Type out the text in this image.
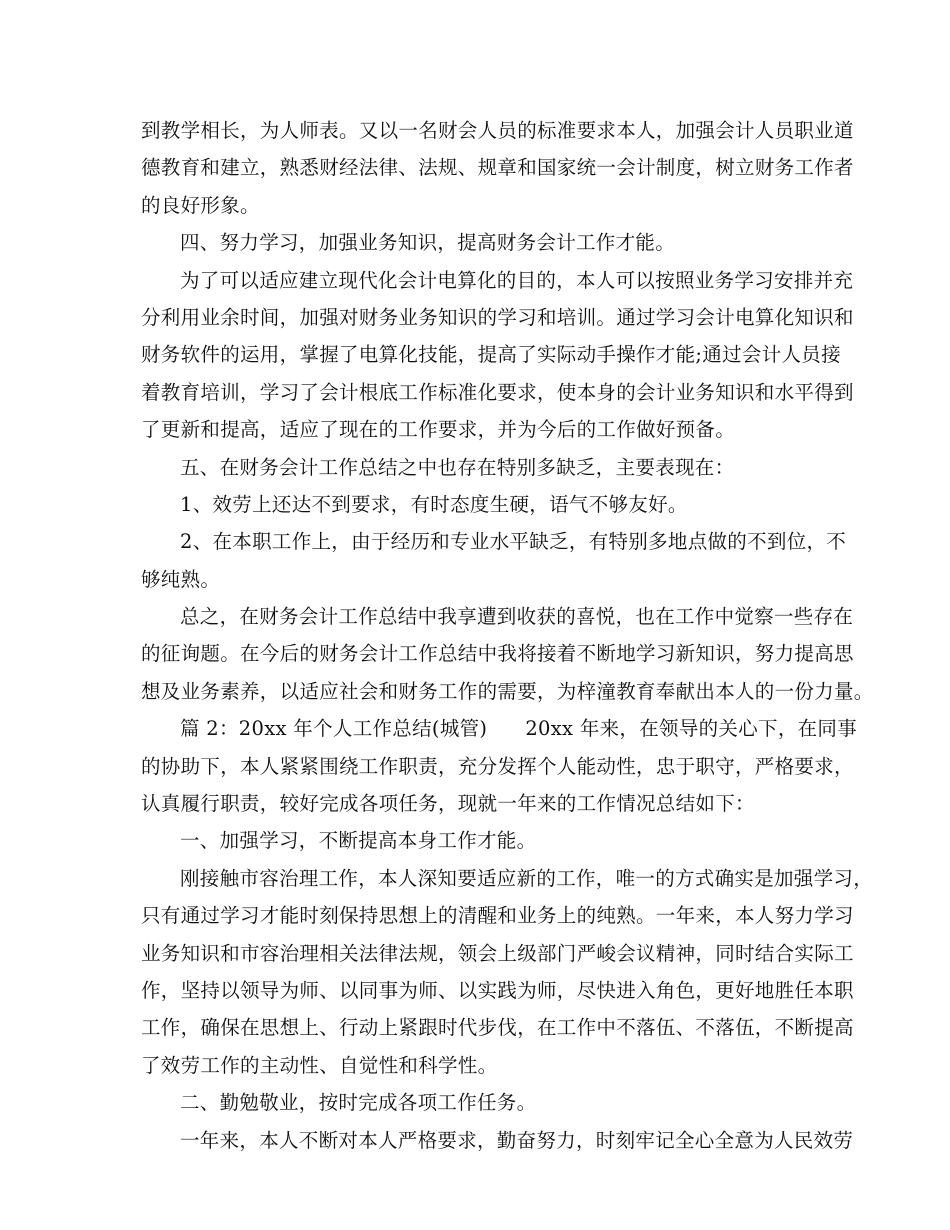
到教学相长，为人师表。又以一名财会人员的标准要求本人，加强会计人员职业道
德教育和建立，熟悉财经法律、法规、规章和国家统一会计制度，树立财务工作者
的良好形象。
四、努力学习，加强业务知识，提高财务会计工作才能。
为了可以适应建立现代化会计电算化的目的，本人可以按照业务学习安排并充
分利用业余时间，加强对财务业务知识的学习和培训。通过学习会计电算化知识和
财务软件的运用，掌握了电算化技能，提高了实际动手操作才能;通过会计人员接
着教育培训，学习了会计根底工作标准化要求，使本身的会计业务知识和水平得到
了更新和提高，适应了现在的工作要求，并为今后的工作做好预备。
五、在财务会计工作总结之中也存在特别多缺乏，主要表现在：
1、效劳上还达不到要求，有时态度生硬，语气不够友好。
2、在本职工作上，由于经历和专业水平缺乏，有特别多地点做的不到位，不
够纯熟。
总之，在财务会计工作总结中我享遭到收获的喜悦，也在工作中觉察一些存在
的征询题。在今后的财务会计工作总结中我将接着不断地学习新知识，努力提高思
想及业务素养，以适应社会和财务工作的需要，为梓潼教育奉献出本人的一份力量。
篇 2：20xx 年个人工作总结(城管) 20xx 年来，在领导的关心下，在同事
的协助下，本人紧紧围绕工作职责，充分发挥个人能动性，忠于职守，严格要求，
认真履行职责，较好完成各项任务，现就一年来的工作情况总结如下：
一、加强学习，不断提高本身工作才能。
刚接触市容治理工作，本人深知要适应新的工作，唯一的方式确实是加强学习，
只有通过学习才能时刻保持思想上的清醒和业务上的纯熟。一年来，本人努力学习
业务知识和市容治理相关法律法规，领会上级部门严峻会议精神，同时结合实际工
作，坚持以领导为师、以同事为师、以实践为师，尽快进入角色，更好地胜任本职
工作，确保在思想上、行动上紧跟时代步伐，在工作中不落伍、不落伍，不断提高
了效劳工作的主动性、自觉性和科学性。
二、勤勉敬业，按时完成各项工作任务。
一年来，本人不断对本人严格要求，勤奋努力，时刻牢记全心全意为人民效劳
